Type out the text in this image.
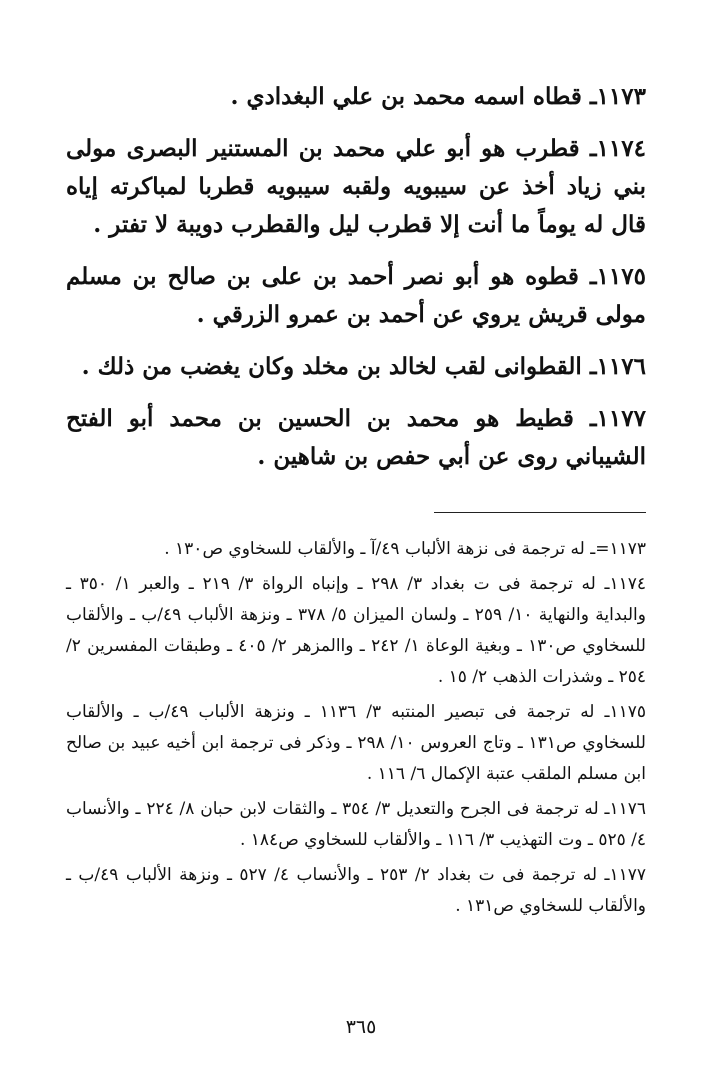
١١٧٣ـ قطاه اسمه محمد بن علي البغدادي .

١١٧٤ـ قطرب هو أبو علي محمد بن المستنير البصرى مولى بني زياد أخذ عن سيبويه ولقبه سيبويه قطربا لمباكرته إياه قال له يوماً ما أنت إلا قطرب ليل والقطرب دويبة لا تفتر .

١١٧٥ـ قطوه هو أبو نصر أحمد بن على بن صالح بن مسلم مولى قريش يروي عن أحمد بن عمرو الزرقي .

١١٧٦ـ القطوانى لقب لخالد بن مخلد وكان يغضب من ذلك .

١١٧٧ـ قطيط هو محمد بن الحسين بن محمد أبو الفتح الشيباني روى عن أبي حفص بن شاهين .

١١٧٣=ـ له ترجمة فى نزهة الألباب ٤٩/آ ـ والألقاب للسخاوي ص١٣٠ .

١١٧٤ـ له ترجمة فى ت بغداد ٣/ ٢٩٨ ـ وإنباه الرواة ٣/ ٢١٩ ـ والعبر ١/ ٣٥٠ ـ والبداية والنهاية ١٠/ ٢٥٩ ـ ولسان الميزان ٥/ ٣٧٨ ـ ونزهة الألباب ٤٩/ب ـ والألقاب للسخاوي ص١٣٠ ـ وبغية الوعاة ١/ ٢٤٢ ـ واالمزهر ٢/ ٤٠٥ ـ وطبقات المفسرين ٢/ ٢٥٤ ـ وشذرات الذهب ٢/ ١٥ .

١١٧٥ـ له ترجمة فى تبصير المنتبه ٣/ ١١٣٦ ـ ونزهة الألباب ٤٩/ب ـ والألقاب للسخاوي ص١٣١ ـ وتاج العروس ١٠/ ٢٩٨ ـ وذكر فى ترجمة ابن أخيه عبيد بن صالح ابن مسلم الملقب عتبة الإكمال ٦/ ١١٦ .

١١٧٦ـ له ترجمة فى الجرح والتعديل ٣/ ٣٥٤ ـ والثقات لابن حبان ٨/ ٢٢٤ ـ والأنساب ٤/ ٥٢٥ ـ وت التهذيب ٣/ ١١٦ ـ والألقاب للسخاوي ص١٨٤ .

١١٧٧ـ له ترجمة فى ت بغداد ٢/ ٢٥٣ ـ والأنساب ٤/ ٥٢٧ ـ ونزهة الألباب ٤٩/ب ـ والألقاب للسخاوي ص١٣١ .

٣٦٥
